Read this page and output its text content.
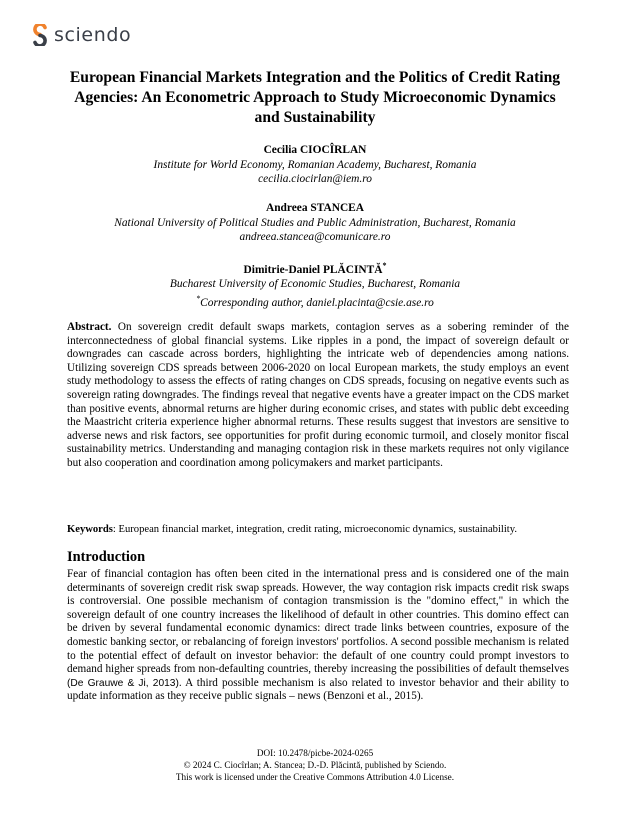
sciendo
European Financial Markets Integration and the Politics of Credit Rating Agencies: An Econometric Approach to Study Microeconomic Dynamics and Sustainability
Cecilia CIOCÎRLAN
Institute for World Economy, Romanian Academy, Bucharest, Romania
cecilia.ciocirlan@iem.ro
Andreea STANCEA
National University of Political Studies and Public Administration, Bucharest, Romania
andreea.stancea@comunicare.ro
Dimitrie-Daniel PLĂCINTĂ*
Bucharest University of Economic Studies, Bucharest, Romania
*Corresponding author, daniel.placinta@csie.ase.ro

Abstract. On sovereign credit default swaps markets, contagion serves as a sobering reminder of the interconnectedness of global financial systems. Like ripples in a pond, the impact of sovereign default or downgrades can cascade across borders, highlighting the intricate web of dependencies among nations. Utilizing sovereign CDS spreads between 2006-2020 on local European markets, the study employs an event study methodology to assess the effects of rating changes on CDS spreads, focusing on negative events such as sovereign rating downgrades. The findings reveal that negative events have a greater impact on the CDS market than positive events, abnormal returns are higher during economic crises, and states with public debt exceeding the Maastricht criteria experience higher abnormal returns. These results suggest that investors are sensitive to adverse news and risk factors, see opportunities for profit during economic turmoil, and closely monitor fiscal sustainability metrics. Understanding and managing contagion risk in these markets requires not only vigilance but also cooperation and coordination among policymakers and market participants.

Keywords: European financial market, integration, credit rating, microeconomic dynamics, sustainability.

Introduction

Fear of financial contagion has often been cited in the international press and is considered one of the main determinants of sovereign credit risk swap spreads. However, the way contagion risk impacts credit risk swaps is controversial. One possible mechanism of contagion transmission is the "domino effect," in which the sovereign default of one country increases the likelihood of default in other countries. This domino effect can be driven by several fundamental economic dynamics: direct trade links between countries, exposure of the domestic banking sector, or rebalancing of foreign investors' portfolios. A second possible mechanism is related to the potential effect of default on investor behavior: the default of one country could prompt investors to demand higher spreads from non-defaulting countries, thereby increasing the possibilities of default themselves (De Grauwe & Ji, 2013). A third possible mechanism is also related to investor behavior and their ability to update information as they receive public signals – news (Benzoni et al., 2015).

DOI: 10.2478/picbe-2024-0265
© 2024 C. Ciocîrlan; A. Stancea; D.-D. Plăcintă, published by Sciendo.
This work is licensed under the Creative Commons Attribution 4.0 License.
